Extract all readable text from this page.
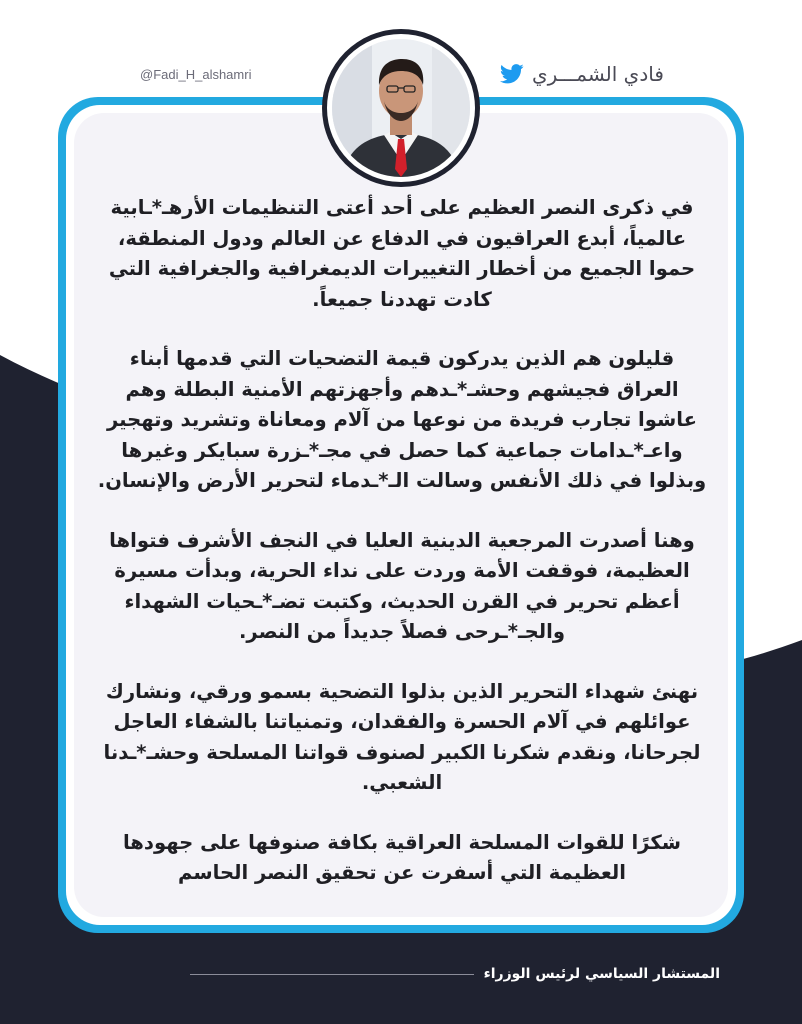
@Fadi_H_alshamri	فادي الشمـــري

في ذكرى النصر العظيم على أحد أعتى التنظيمات الأرهـ*ـابية عالمياً، أبدع العراقيون في الدفاع عن العالم ودول المنطقة، حموا الجميع من أخطار التغييرات الديمغرافية والجغرافية التي كادت تهددنا جميعاً.

قليلون هم الذين يدركون قيمة التضحيات التي قدمها أبناء العراق فجيشهم وحشـ*ـدهم وأجهزتهم الأمنية البطلة وهم عاشوا تجارب فريدة من نوعها من آلام ومعاناة وتشريد وتهجير واعـ*ـدامات جماعية كما حصل في مجـ*ـزرة سبايكر وغيرها وبذلوا في ذلك الأنفس وسالت الـ*ـدماء لتحرير الأرض والإنسان.

وهنا أصدرت المرجعية الدينية العليا في النجف الأشرف فتواها العظيمة، فوقفت الأمة وردت على نداء الحرية، وبدأت مسيرة أعظم تحرير في القرن الحديث، وكتبت تضـ*ـحيات الشهداء والجـ*ـرحى فصلاً جديداً من النصر.

نهنئ شهداء التحرير الذين بذلوا التضحية بسمو ورقي، ونشارك عوائلهم في آلام الحسرة والفقدان، وتمنياتنا بالشفاء العاجل لجرحانا، ونقدم شكرنا الكبير لصنوف قواتنا المسلحة وحشـ*ـدنا الشعبي.

شكرًا للقوات المسلحة العراقية بكافة صنوفها على جهودها العظيمة التي أسفرت عن تحقيق النصر الحاسم

المستشار السياسي لرئيس الوزراء
